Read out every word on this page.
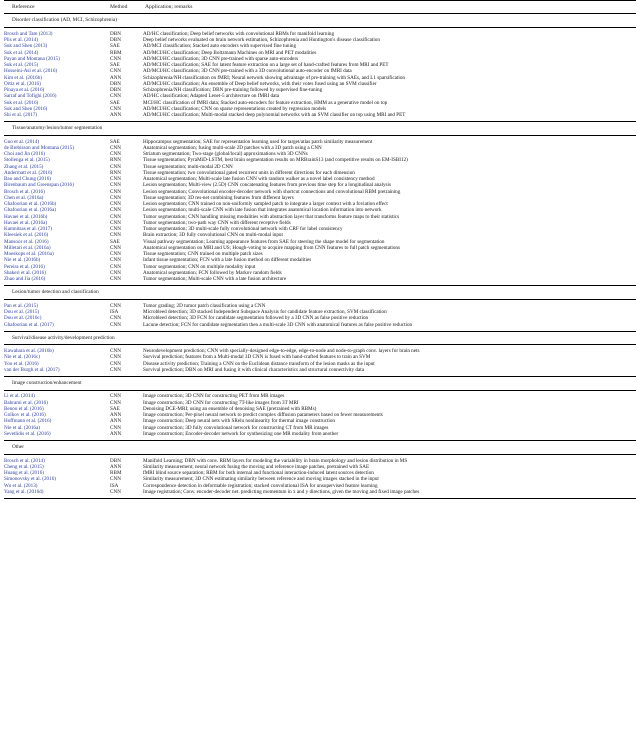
Reference	Method	Application; remarks

Disorder classification (AD, MCI, Schizophrenia)		

Brosch and Tam (2013)	DBN	AD/HC classification; Deep belief networks with convolutional RBMs for manifold learning
Plis et al. (2014)	DBN	Deep belief networks evaluated on brain network estimation, Schizophrenia and Huntington's disease classification
Suk and Shen (2013)	SAE	AD/MCI classification; Stacked auto encoders with supervised fine tuning
Suk et al. (2014)	RBM	AD/MCI/HC classification; Deep Boltzmann Machines on MRI and PET modalities
Payan and Montana (2015)	CNN	AD/MCI/HC classification; 3D CNN pre-trained with sparse auto-encoders
Suk et al. (2015)	SAE	AD/MCI/HC classification; SAE for latent feature extraction on a large set of hand-crafted features from MRI and PET
Hosseini-Asl et al. (2016)	CNN	AD/MCI/HC classification; 3D CNN pre-trained with a 3D convolutional auto-encoder on fMRI data
Kim et al. (2016b)	ANN	Schizophrenia/NH classification on fMRI; Neural network showing advantage of pre-training with SAEs, and L1 sparsification
Ortiz et al. (2016)	DBN	AD/MCI/HC classification; An ensemble of Deep belief networks, with their votes fused using an SVM classifier
Pinaya et al. (2016)	DBN	Schizophrenia/NH classification; DBN pre-training followed by supervised fine-tuning
Sarraf and Tofighi (2016)	CNN	AD/HC classification; Adapted Lenet-5 architecture on fMRI data
Suk et al. (2016)	SAE	MCI/HC classification of fMRI data; Stacked auto-encoders for feature extraction, HMM as a generative model on top
Suk and Shen (2016)	CNN	AD/MCI/HC classification; CNN on sparse representations created by regression models
Shi et al. (2017)	ANN	AD/MCI/HC classification; Multi-modal stacked deep polynomial networks with an SVM classifier on top using MRI and PET

Tissue/anatomy/lesion/tumor segmentation		

Guo et al. (2014)	SAE	Hippocampus segmentation; SAE for representation learning used for target/atlas patch similarity measurement
de Brebisson and Montana (2015)	CNN	Anatomical segmentation; fusing multi-scale 2D patches with a 3D patch using a CNN
Choi and Jin (2016)	CNN	Striatum segmentation; Two-stage (global/local) approximations with 3D CNNs
Stollenga et al. (2015)	RNN	Tissue segmentation; PyraMiD-LSTM, best brain segmentation results on MRBrainS13 (and competitive results on EM-ISBI12)
Zhang et al. (2015)	CNN	Tissue segmentation; multi-modal 2D CNN
Andermatt et al. (2016)	RNN	Tissue segmentation; two convolutional gated recurrent units in different directions for each dimension
Bao and Chung (2016)	CNN	Anatomical segmentation; Multi-scale late fusion CNN with random walker as a novel label consistency method
Birenbaum and Greenspan (2016)	CNN	Lesion segmentation; Multi-view (2.5D) CNN concatenating features from previous time step for a longitudinal analysis
Brosch et al. (2016)	CNN	Lesion segmentation; Convolutional encoder-decoder network with shortcut connections and convolutional RBM pretraining
Chen et al. (2016a)	CNN	Tissue segmentation; 3D res-net combining features from different layers
Ghafoorian et al. (2016b)	CNN	Lesion segmentation; CNN trained on non-uniformly sampled patch to integrate a larger context with a foviation effect
Ghafoorian et al. (2016a)	CNN	Lesion segmentation; multi-scale CNN with late fusion that integrates anatomical location information into network
Havaei et al. (2016b)	CNN	Tumor segmentation; CNN handling missing modalities with abstraction layer that transforms feature maps to their statistics
Havaei et al. (2016a)	CNN	Tumor segmentation; two-path way CNN with different receptive fields
Kamnitsas et al. (2017)	CNN	Tumor segmentation; 3D multi-scale fully convolutional network with CRF for label consistency
Kleesiek et al. (2016)	CNN	Brain extraction; 3D fully convolutional CNN on multi-modal input
Mansoor et al. (2016)	SAE	Visual pathway segmentation; Learning appearance features from SAE for steering the shape model for segmentation
Milletari et al. (2016a)	CNN	Anatomical segmentation on MRI and US; Hough-voting to acquire mapping from CNN features to full patch segmentations
Moeskops et al. (2016a)	CNN	Tissue segmentation; CNN trained on multiple patch sizes
Nie et al. (2016b)	CNN	Infant tissue segmentation; FCN with a late fusion method on different modalities
Pereira et al. (2016)	CNN	Tumor segmentation; CNN on multiple modality input
Shakeri et al. (2016)	CNN	Anatomical segmentation; FCN followed by Markov random fields
Zhao and Jia (2016)	CNN	Tumor segmentation; Multi-scale CNN with a late fusion architecture

Lesion/tumor detection and classification		

Pan et al. (2015)	CNN	Tumor grading; 2D tumor patch classification using a CNN
Dou et al. (2015)	ISA	Microbleed detection; 3D stacked Independent Subspace Analysis for candidate feature extraction, SVM classification
Dou et al. (2016c)	CNN	Microbleed detection; 3D FCN for candidate segmentation followed by a 3D CNN as false positive reduction
Ghafoorian et al. (2017)	CNN	Lacune detection; FCN for candidate segmentation then a multi-scale 3D CNN with anatomical features as false positive reduction

Survival/disease activity/development prediction		

Kawahara et al. (2016b)	CNN	Neurodevelopment prediction; CNN with specially-designed edge-to-edge, edge-to-node and node-to-graph conv. layers for brain nets
Nie et al. (2016c)	CNN	Survival prediction; features from a Multi-modal 3D CNN is fused with hand-crafted features to train an SVM
Yoo et al. (2016)	CNN	Disease activity prediction; Training a CNN on the Euclidean distance transform of the lesion masks as the input
van der Burgh et al. (2017)	CNN	Survival prediction; DBN on MRI and fusing it with clinical characteristics and structural connectivity data

Image construction/enhancement		

Li et al. (2014)	CNN	Image construction; 3D CNN for constructing PET from MR images
Bahrami et al. (2016)	CNN	Image construction; 3D CNN for constructing 7T-like images from 3T MRI
Benou et al. (2016)	SAE	Denoising DCE-MRI; using an ensemble of denoising SAE (pretrained with RBMs)
Golkov et al. (2016)	ANN	Image construction; Per-pixel neural network to predict complex diffusion parameters based on fewer measurements
Hoffmann et al. (2016)	ANN	Image construction; Deep neural nets with SRelu nonlinearity for thermal image construction
Nie et al. (2016a)	CNN	Image construction; 3D fully convolutional network for constructing CT from MR images
Sevetlidis et al. (2016)	ANN	Image construction; Encoder-decoder network for synthesizing one MR modality from another

Other		

Brosch et al. (2014)	DBN	Manifold Learning; DBN with conv. RBM layers for modeling the variability in brain morphology and lesion distribution in MS
Cheng et al. (2015)	ANN	Similarity measurement; neural network fusing the moving and reference image patches, pretrained with SAE
Huang et al. (2016)	RBM	fMRI blind source separation; RBM for both internal and functional interaction-induced latent sources detection
Simonovsky et al. (2016)	CNN	Similarity measurement; 3D CNN estimating similarity between reference and moving images stacked in the input
Wu et al. (2013)	ISA	Correspondence detection in deformable registration; stacked convolutional ISA for unsupervised feature learning
Yang et al. (2016d)	CNN	Image registration; Conv. encoder-decoder net. predicting momentum in x and y directions, given the moving and fixed image patches
